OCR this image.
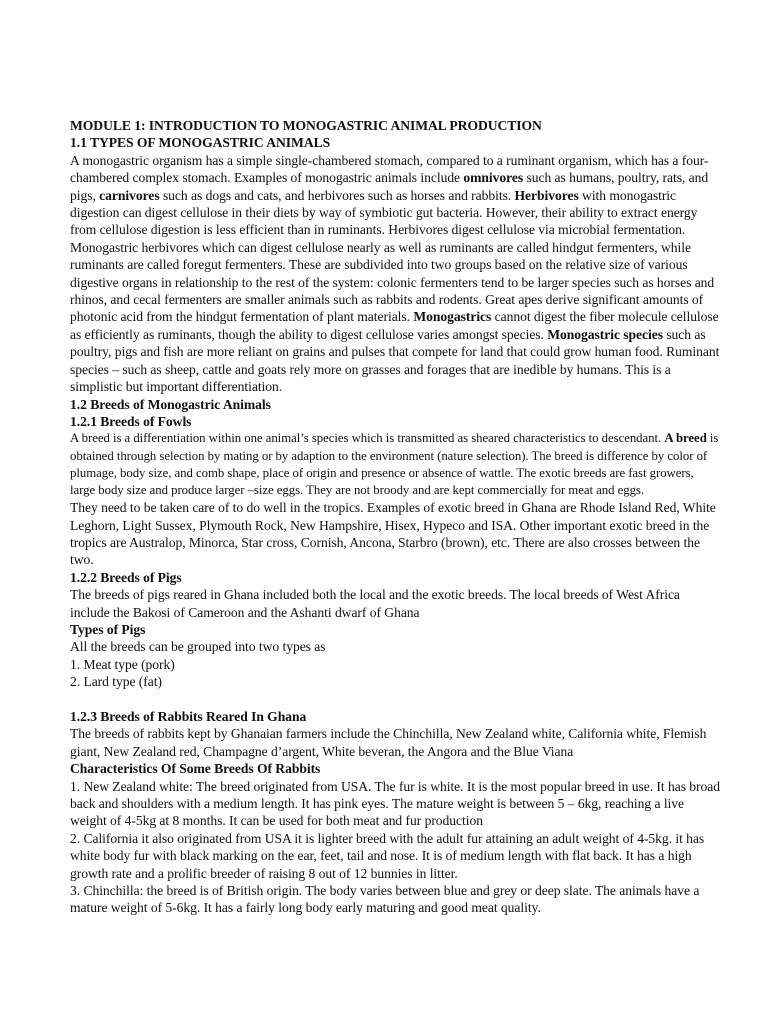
MODULE 1: INTRODUCTION TO MONOGASTRIC ANIMAL PRODUCTION
1.1 TYPES OF MONOGASTRIC ANIMALS

A monogastric organism has a simple single-chambered stomach, compared to a ruminant organism, which has a four-chambered complex stomach. Examples of monogastric animals include omnivores such as humans, poultry, rats, and pigs, carnivores such as dogs and cats, and herbivores such as horses and rabbits. Herbivores with monogastric digestion can digest cellulose in their diets by way of symbiotic gut bacteria. However, their ability to extract energy from cellulose digestion is less efficient than in ruminants. Herbivores digest cellulose via microbial fermentation. Monogastric herbivores which can digest cellulose nearly as well as ruminants are called hindgut fermenters, while ruminants are called foregut fermenters. These are subdivided into two groups based on the relative size of various digestive organs in relationship to the rest of the system: colonic fermenters tend to be larger species such as horses and rhinos, and cecal fermenters are smaller animals such as rabbits and rodents. Great apes derive significant amounts of photonic acid from the hindgut fermentation of plant materials. Monogastrics cannot digest the fiber molecule cellulose as efficiently as ruminants, though the ability to digest cellulose varies amongst species. Monogastric species such as poultry, pigs and fish are more reliant on grains and pulses that compete for land that could grow human food. Ruminant species – such as sheep, cattle and goats rely more on grasses and forages that are inedible by humans. This is a simplistic but important differentiation.

1.2 Breeds of Monogastric Animals
1.2.1 Breeds of Fowls

A breed is a differentiation within one animal’s species which is transmitted as sheared characteristics to descendant. A breed is obtained through selection by mating or by adaption to the environment (nature selection). The breed is difference by color of plumage, body size, and comb shape, place of origin and presence or absence of wattle. The exotic breeds are fast growers, large body size and produce larger –size eggs. They are not broody and are kept commercially for meat and eggs.

They need to be taken care of to do well in the tropics. Examples of exotic breed in Ghana are Rhode Island Red, White Leghorn, Light Sussex, Plymouth Rock, New Hampshire, Hisex, Hypeco and ISA. Other important exotic breed in the tropics are Australop, Minorca, Star cross, Cornish, Ancona, Starbro (brown), etc. There are also crosses between the two.

1.2.2 Breeds of Pigs

The breeds of pigs reared in Ghana included both the local and the exotic breeds. The local breeds of West Africa include the Bakosi of Cameroon and the Ashanti dwarf of Ghana

Types of Pigs

All the breeds can be grouped into two types as

1. Meat type (pork)

2. Lard type (fat)

1.2.3 Breeds of Rabbits Reared In Ghana

The breeds of rabbits kept by Ghanaian farmers include the Chinchilla, New Zealand white, California white, Flemish giant, New Zealand red, Champagne d’argent, White beveran, the Angora and the Blue Viana

Characteristics Of Some Breeds Of Rabbits

1. New Zealand white: The breed originated from USA. The fur is white. It is the most popular breed in use. It has broad back and shoulders with a medium length. It has pink eyes. The mature weight is between 5 – 6kg, reaching a live weight of 4-5kg at 8 months. It can be used for both meat and fur production

2. California it also originated from USA it is lighter breed with the adult fur attaining an adult weight of 4-5kg. it has white body fur with black marking on the ear, feet, tail and nose. It is of medium length with flat back. It has a high growth rate and a prolific breeder of raising 8 out of 12 bunnies in litter.

3. Chinchilla: the breed is of British origin. The body varies between blue and grey or deep slate. The animals have a mature weight of 5-6kg. It has a fairly long body early maturing and good meat quality.
